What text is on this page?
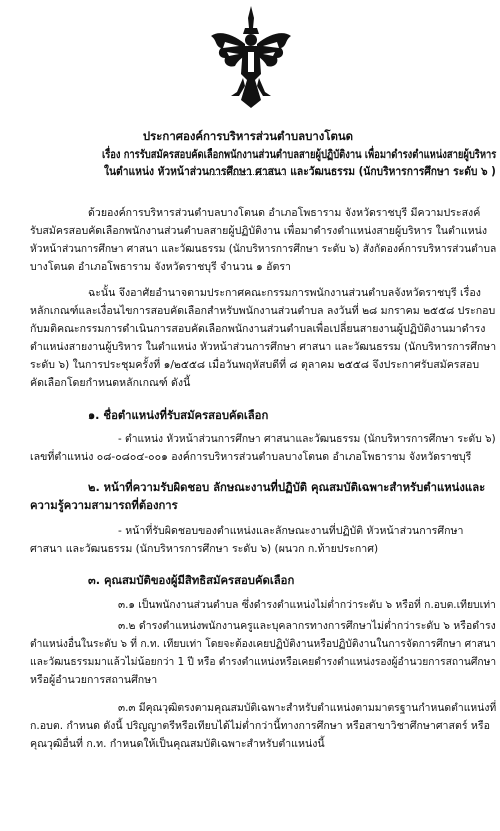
ประกาศองค์การบริหารส่วนตำบลบางโตนด
เรื่อง การรับสมัครสอบคัดเลือกพนักงานส่วนตำบลสายผู้ปฏิบัติงาน เพื่อมาดำรงตำแหน่งสายผู้บริหาร
ในตำแหน่ง หัวหน้าส่วนการศึกษา ศาสนา และวัฒนธรรม (นักบริหารการศึกษา ระดับ ๖ )
ด้วยองค์การบริหารส่วนตำบลบางโตนด อำเภอโพธาราม จังหวัดราชบุรี มีความประสงค์
รับสมัครสอบคัดเลือกพนักงานส่วนตำบลสายผู้ปฏิบัติงาน เพื่อมาดำรงตำแหน่งสายผู้บริหาร ในตำแหน่ง
หัวหน้าส่วนการศึกษา ศาสนา และวัฒนธรรม (นักบริหารการศึกษา ระดับ ๖) สังกัดองค์การบริหารส่วนตำบล
บางโตนด อำเภอโพธาราม จังหวัดราชบุรี จำนวน ๑ อัตรา
ฉะนั้น จึงอาศัยอำนาจตามประกาศคณะกรรมการพนักงานส่วนตำบลจังหวัดราชบุรี เรื่อง
หลักเกณฑ์และเงื่อนไขการสอบคัดเลือกสำหรับพนักงานส่วนตำบล ลงวันที่ ๒๘ มกราคม ๒๕๕๘ ประกอบ
กับมติคณะกรรมการดำเนินการสอบคัดเลือกพนักงานส่วนตำบลเพื่อเปลี่ยนสายงานผู้ปฏิบัติงานมาดำรง
ตำแหน่งสายงานผู้บริหาร ในตำแหน่ง หัวหน้าส่วนการศึกษา ศาสนา และวัฒนธรรม (นักบริหารการศึกษา
ระดับ ๖) ในการประชุมครั้งที่ ๑/๒๕๕๘ เมื่อวันพฤหัสบดีที่ ๘ ตุลาคม ๒๕๕๘ จึงประกาศรับสมัครสอบ
คัดเลือกโดยกำหนดหลักเกณฑ์ ดังนี้
๑. ชื่อตำแหน่งที่รับสมัครสอบคัดเลือก
- ตำแหน่ง หัวหน้าส่วนการศึกษา ศาสนาและวัฒนธรรม (นักบริหารการศึกษา ระดับ ๖)
เลขที่ตำแหน่ง ๐๘-๐๘๐๔-๐๐๑ องค์การบริหารส่วนตำบลบางโตนด อำเภอโพธาราม จังหวัดราชบุรี
๒. หน้าที่ความรับผิดชอบ ลักษณะงานที่ปฏิบัติ คุณสมบัติเฉพาะสำหรับตำแหน่งและ
ความรู้ความสามารถที่ต้องการ
- หน้าที่รับผิดชอบของตำแหน่งและลักษณะงานที่ปฏิบัติ หัวหน้าส่วนการศึกษา
ศาสนา และวัฒนธรรม (นักบริหารการศึกษา ระดับ ๖) (ผนวก ก.ท้ายประกาศ)
๓. คุณสมบัติของผู้มีสิทธิสมัครสอบคัดเลือก
๓.๑ เป็นพนักงานส่วนตำบล ซึ่งดำรงตำแหน่งไม่ต่ำกว่าระดับ ๖ หรือที่ ก.อบต.เทียบเท่า
๓.๒ ดำรงตำแหน่งพนักงานครูและบุคลากรทางการศึกษาไม่ต่ำกว่าระดับ ๖ หรือดำรง
ตำแหน่งอื่นในระดับ ๖ ที่ ก.ท. เทียบเท่า โดยจะต้องเคยปฏิบัติงานหรือปฏิบัติงานในการจัดการศึกษา ศาสนา
และวัฒนธรรมมาแล้วไม่น้อยกว่า 1 ปี หรือ ดำรงตำแหน่งหรือเคยดำรงตำแหน่งรองผู้อำนวยการสถานศึกษา
หรือผู้อำนวยการสถานศึกษา
๓.๓ มีคุณวุฒิตรงตามคุณสมบัติเฉพาะสำหรับตำแหน่งตามมาตรฐานกำหนดตำแหน่งที่
ก.อบต. กำหนด ดังนี้ ปริญญาตรีหรือเทียบได้ไม่ต่ำกว่านี้ทางการศึกษา หรือสาขาวิชาศึกษาศาสตร์ หรือ
คุณวุฒิอื่นที่ ก.ท. กำหนดให้เป็นคุณสมบัติเฉพาะสำหรับตำแหน่งนี้
